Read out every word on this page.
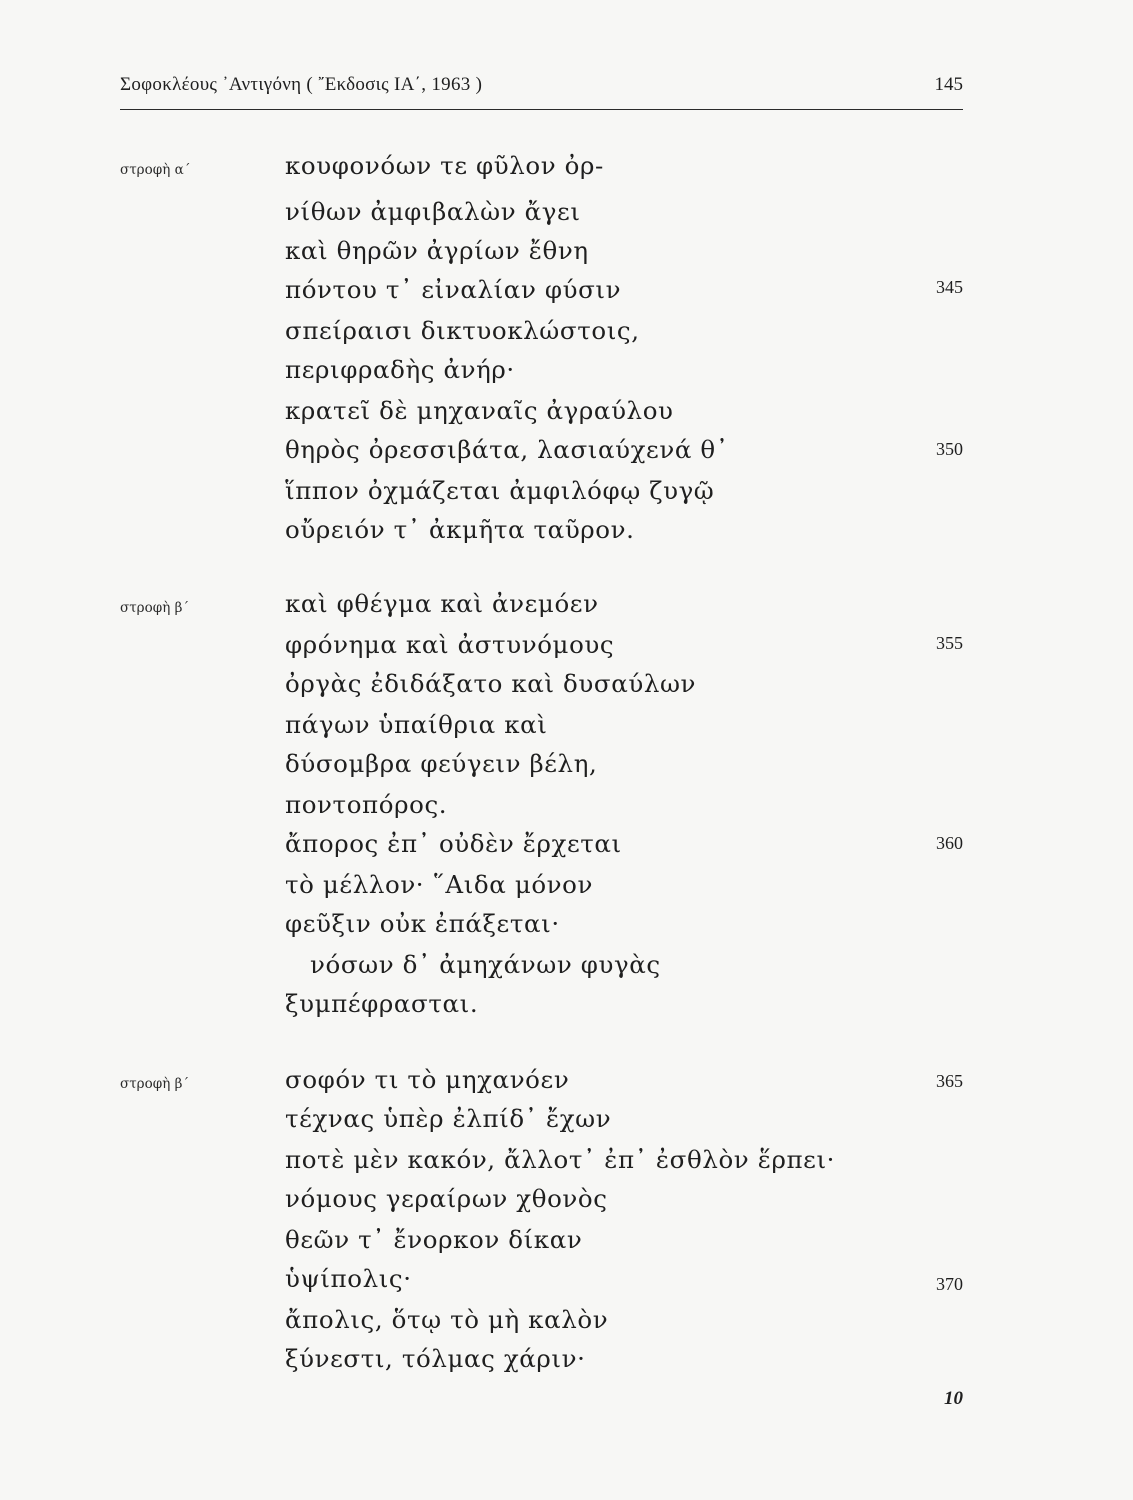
Σοφοκλέους ᾿Αντιγόνη ( ῎Εκδοσις ΙΑ΄, 1963 )	145
στροφὴ α΄
στροφὴ β΄
στροφὴ β΄
κουφονόων τε φῦλον ὀρ-
νίθων ἀμφιβαλὼν ἄγει
καὶ θηρῶν ἀγρίων ἔθνη
πόντου τ᾿ εἰναλίαν φύσιν
σπείραισι δικτυοκλώστοις,
περιφραδὴς ἀνήρ·
κρατεῖ δὲ μηχαναῖς ἀγραύλου
θηρὸς ὀρεσσιβάτα, λασιαύχενά θ᾿
ἵππον ὀχμάζεται ἀμφιλόφῳ ζυγῷ
οὔρειόν τ᾿ ἀκμῆτα ταῦρον.
καὶ φθέγμα καὶ ἀνεμόεν
φρόνημα καὶ ἀστυνόμους
ὀργὰς ἐδιδάξατο καὶ δυσαύλων
πάγων ὑπαίθρια καὶ
δύσομβρα φεύγειν βέλη,
ποντοπόρος.
ἄπορος ἐπ᾿ οὐδὲν ἔρχεται
τὸ μέλλον· ῞Αιδα μόνον
φεῦξιν οὐκ ἐπάξεται·
νόσων δ᾿ ἀμηχάνων φυγὰς
ξυμπέφρασται.
σοφόν τι τὸ μηχανόεν
τέχνας ὑπὲρ ἐλπίδ᾿ ἔχων
ποτὲ μὲν κακόν, ἄλλοτ᾿ ἐπ᾿ ἐσθλὸν ἕρπει·
νόμους γεραίρων χθονὸς
θεῶν τ᾿ ἔνορκον δίκαν
ὑψίπολις·
ἄπολις, ὅτῳ τὸ μὴ καλὸν
ξύνεστι, τόλμας χάριν·
345
350
355
360
365
370
10
